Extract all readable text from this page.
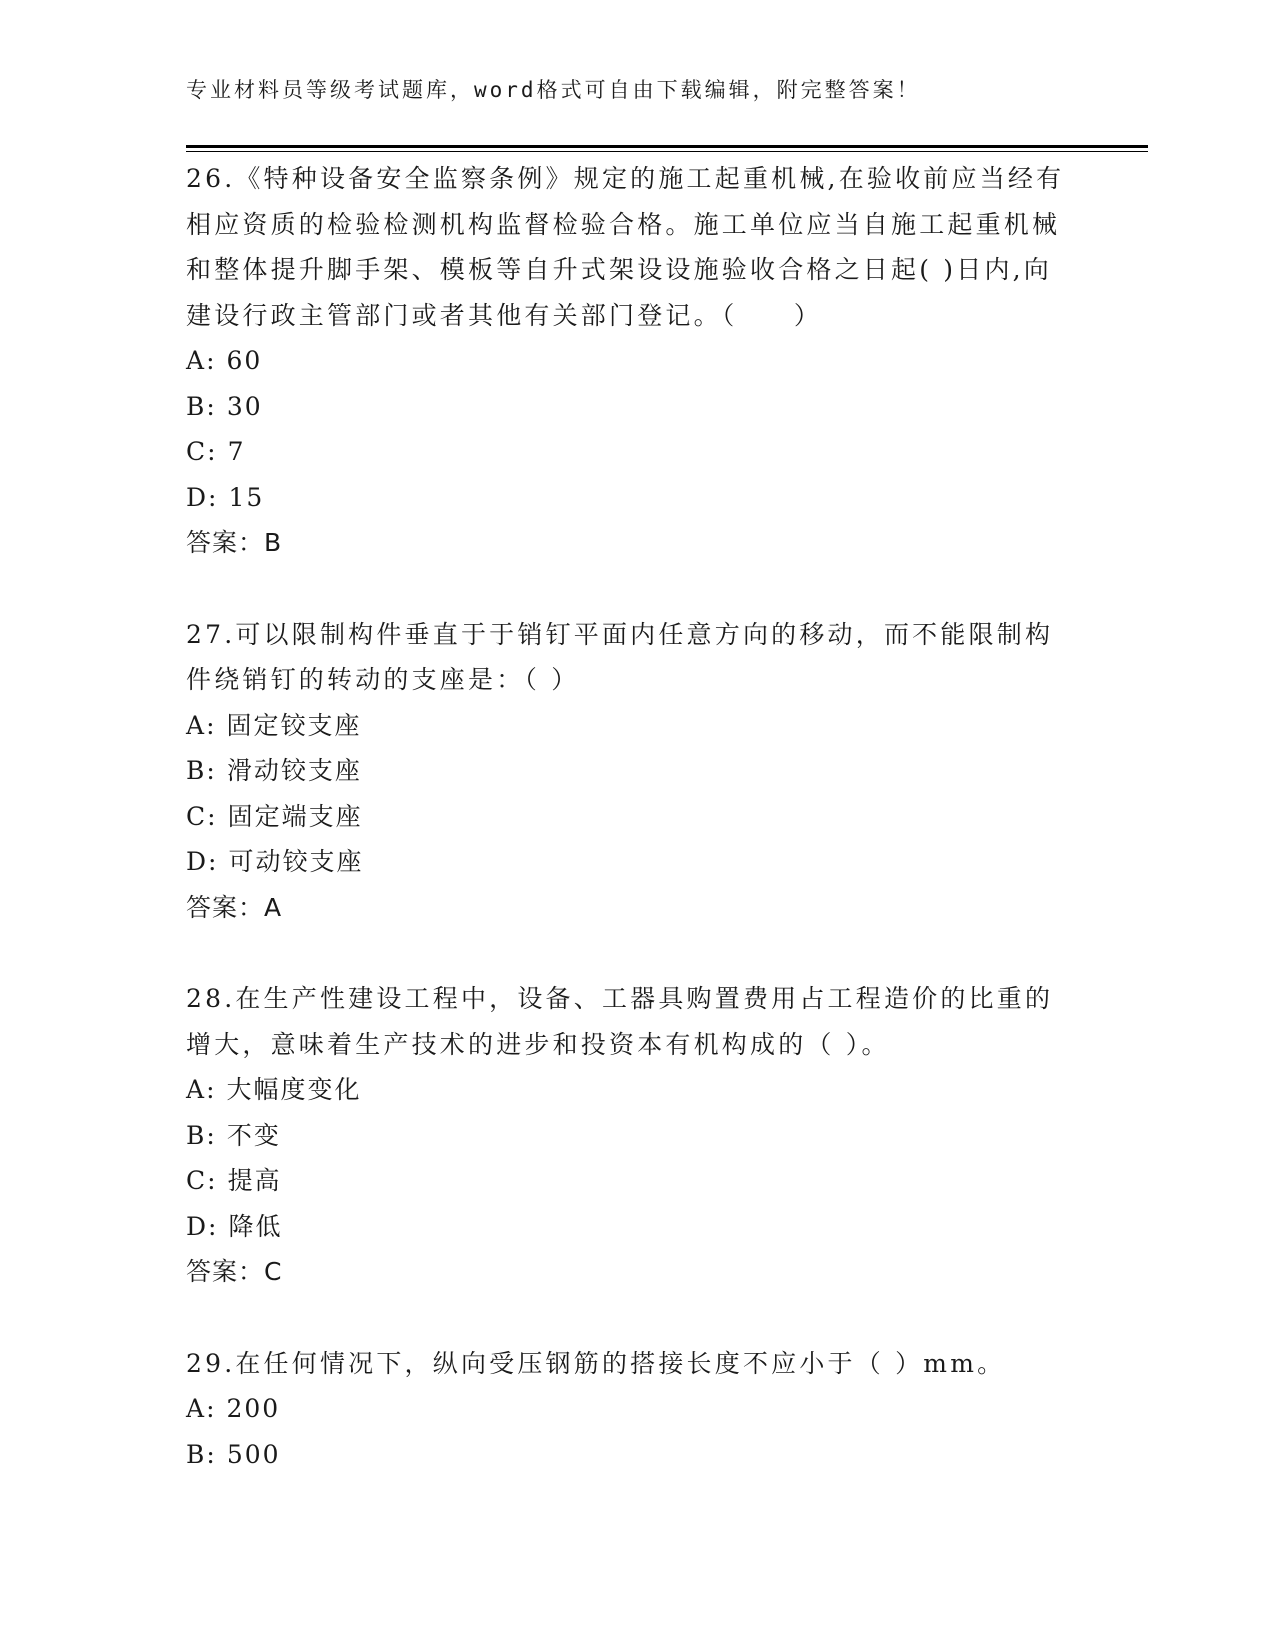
专业材料员等级考试题库，word格式可自由下载编辑，附完整答案！

26.《特种设备安全监察条例》规定的施工起重机械,在验收前应当经有相应资质的检验检测机构监督检验合格。施工单位应当自施工起重机械和整体提升脚手架、模板等自升式架设设施验收合格之日起( )日内,向建设行政主管部门或者其他有关部门登记。（　　）

A: 60

B: 30

C: 7

D: 15

答案：B

27.可以限制构件垂直于于销钉平面内任意方向的移动，而不能限制构件绕销钉的转动的支座是：（ ）

A: 固定铰支座

B: 滑动铰支座

C: 固定端支座

D: 可动铰支座

答案：A

28.在生产性建设工程中，设备、工器具购置费用占工程造价的比重的增大，意味着生产技术的进步和投资本有机构成的（ ）。

A: 大幅度变化

B: 不变

C: 提高

D: 降低

答案：C

29.在任何情况下，纵向受压钢筋的搭接长度不应小于（ ）mm。

A: 200

B: 500
